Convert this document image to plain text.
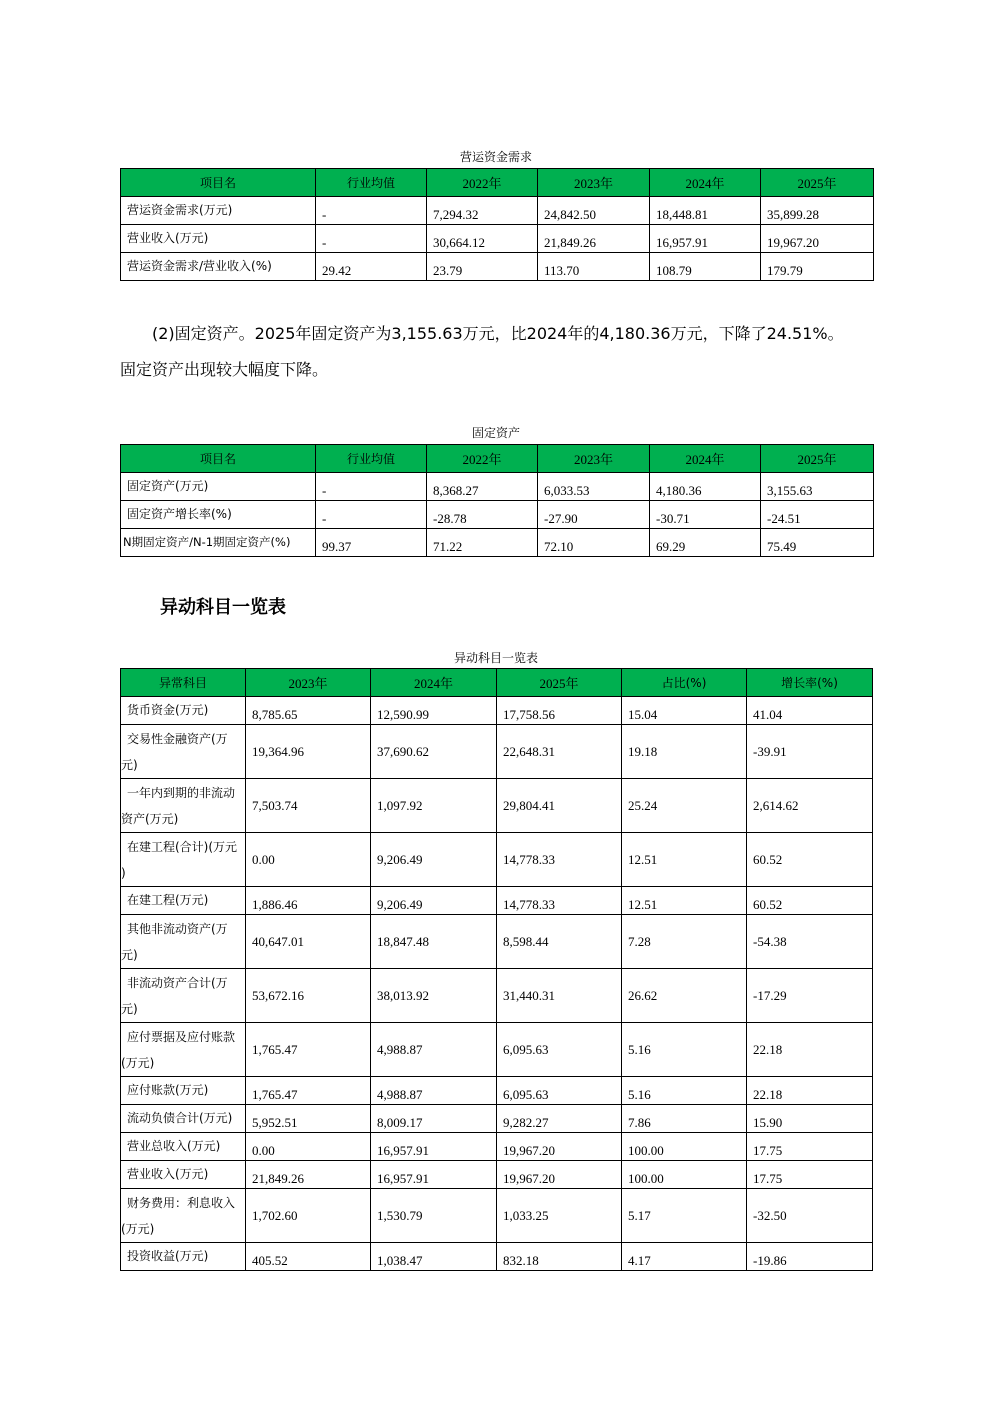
营运资金需求
项目名	行业均值	2022年	2023年	2024年	2025年
营运资金需求(万元)	-	7,294.32	24,842.50	18,448.81	35,899.28
营业收入(万元)	-	30,664.12	21,849.26	16,957.91	19,967.20
营运资金需求/营业收入(%)	29.42	23.79	113.70	108.79	179.79
(2)固定资产。2025年固定资产为3,155.63万元，比2024年的4,180.36万元，下降了24.51%。
固定资产出现较大幅度下降。
固定资产
项目名	行业均值	2022年	2023年	2024年	2025年
固定资产(万元)	-	8,368.27	6,033.53	4,180.36	3,155.63
固定资产增长率(%)	-	-28.78	-27.90	-30.71	-24.51
N期固定资产/N-1期固定资产(%)	99.37	71.22	72.10	69.29	75.49
异动科目一览表
异动科目一览表
异常科目	2023年	2024年	2025年	占比(%)	增长率(%)
货币资金(万元)	8,785.65	12,590.99	17,758.56	15.04	41.04

交易性金融资产(万
元)	19,364.96	37,690.62	22,648.31	19.18	-39.91

一年内到期的非流动
资产(万元)	7,503.74	1,097.92	29,804.41	25.24	2,614.62

在建工程(合计)(万元
)	0.00	9,206.49	14,778.33	12.51	60.52
在建工程(万元)	1,886.46	9,206.49	14,778.33	12.51	60.52

其他非流动资产(万
元)	40,647.01	18,847.48	8,598.44	7.28	-54.38

非流动资产合计(万
元)	53,672.16	38,013.92	31,440.31	26.62	-17.29

应付票据及应付账款
(万元)	1,765.47	4,988.87	6,095.63	5.16	22.18
应付账款(万元)	1,765.47	4,988.87	6,095.63	5.16	22.18
流动负债合计(万元)	5,952.51	8,009.17	9,282.27	7.86	15.90
营业总收入(万元)	0.00	16,957.91	19,967.20	100.00	17.75
营业收入(万元)	21,849.26	16,957.91	19,967.20	100.00	17.75

财务费用：利息收入
(万元)	1,702.60	1,530.79	1,033.25	5.17	-32.50
投资收益(万元)	405.52	1,038.47	832.18	4.17	-19.86
